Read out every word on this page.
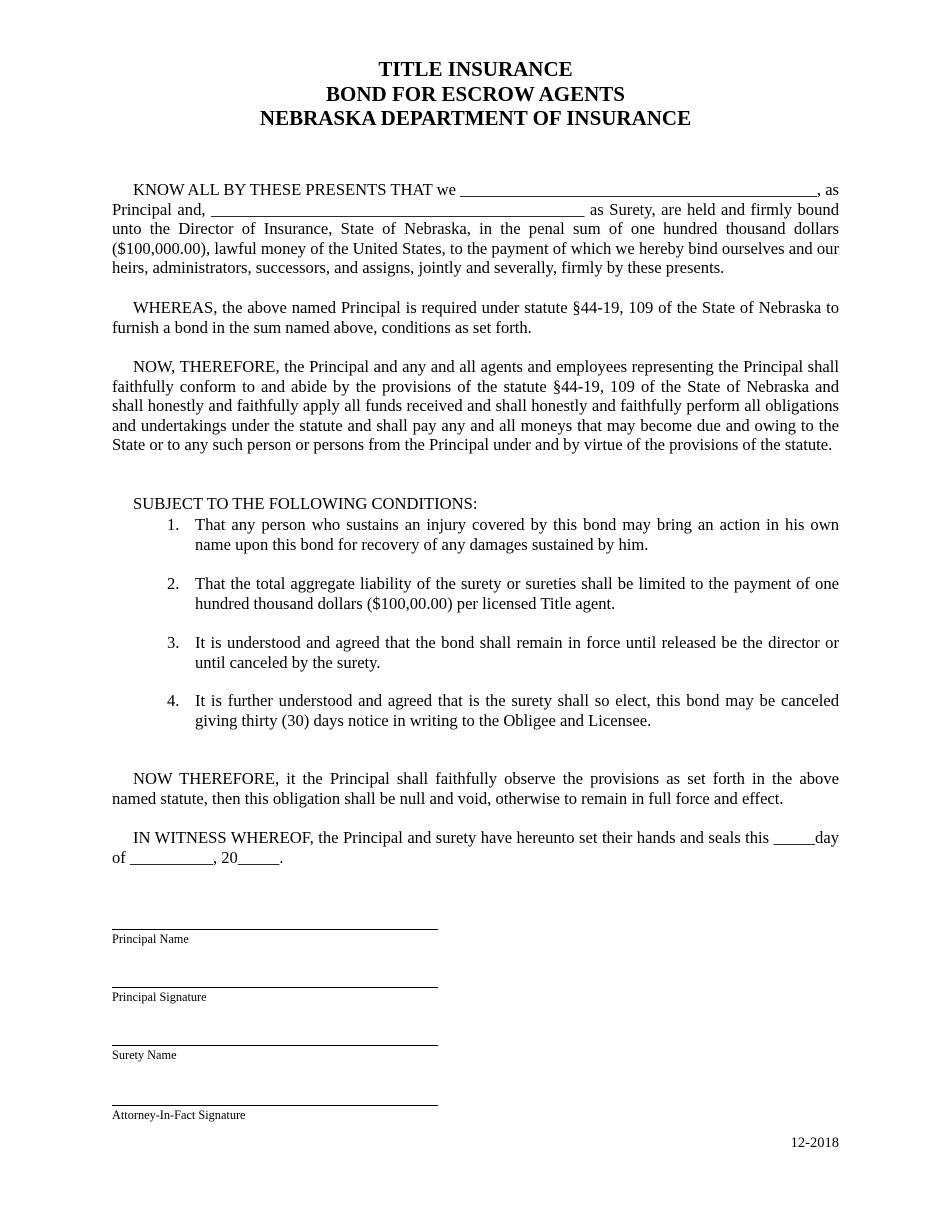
TITLE INSURANCE
BOND FOR ESCROW AGENTS
NEBRASKA DEPARTMENT OF INSURANCE

KNOW ALL BY THESE PRESENTS THAT we ___________________________________________, as Principal and, _____________________________________________ as Surety, are held and firmly bound unto the Director of Insurance, State of Nebraska, in the penal sum of one hundred thousand dollars ($100,000.00), lawful money of the United States, to the payment of which we hereby bind ourselves and our heirs, administrators, successors, and assigns, jointly and severally, firmly by these presents.

WHEREAS, the above named Principal is required under statute §44-19, 109 of the State of Nebraska to furnish a bond in the sum named above, conditions as set forth.

NOW, THEREFORE, the Principal and any and all agents and employees representing the Principal shall faithfully conform to and abide by the provisions of the statute §44-19, 109 of the State of Nebraska and shall honestly and faithfully apply all funds received and shall honestly and faithfully perform all obligations and undertakings under the statute and shall pay any and all moneys that may become due and owing to the State or to any such person or persons from the Principal under and by virtue of the provisions of the statute.

SUBJECT TO THE FOLLOWING CONDITIONS:

1. That any person who sustains an injury covered by this bond may bring an action in his own name upon this bond for recovery of any damages sustained by him.
2. That the total aggregate liability of the surety or sureties shall be limited to the payment of one hundred thousand dollars ($100,00.00) per licensed Title agent.
3. It is understood and agreed that the bond shall remain in force until released be the director or until canceled by the surety.
4. It is further understood and agreed that is the surety shall so elect, this bond may be canceled giving thirty (30) days notice in writing to the Obligee and Licensee.

NOW THEREFORE, it the Principal shall faithfully observe the provisions as set forth in the above named statute, then this obligation shall be null and void, otherwise to remain in full force and effect.

IN WITNESS WHEREOF, the Principal and surety have hereunto set their hands and seals this _____day of __________, 20_____.

Principal Name
Principal Signature
Surety Name
Attorney-In-Fact Signature
12-2018
